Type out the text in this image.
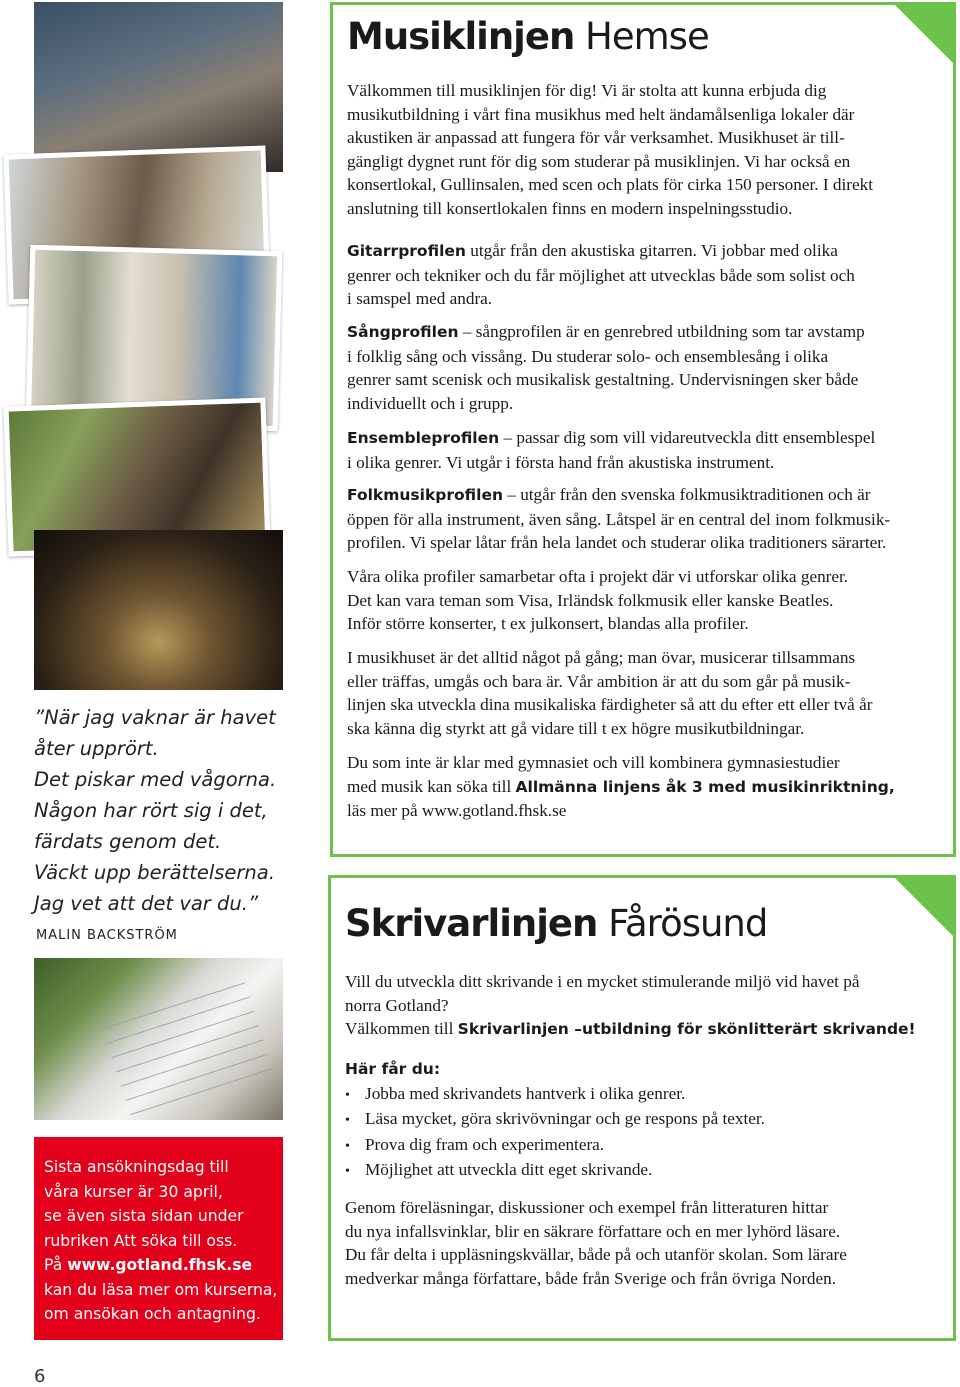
”När jag vaknar är havet
åter upprört.
Det piskar med vågorna.
Någon har rört sig i det,
färdats genom det.
Väckt upp berättelserna.
Jag vet att det var du.”
MALIN BACKSTRÖM
Sista ansökningsdag till
våra kurser är 30 april,
se även sista sidan under
rubriken Att söka till oss.
På www.gotland.fhsk.se
kan du läsa mer om kurserna,
om ansökan och antagning.
6
Musiklinjen Hemse
Välkommen till musiklinjen för dig! Vi är stolta att kunna erbjuda dig
musikutbildning i vårt fina musikhus med helt ändamålsenliga lokaler där
akustiken är anpassad att fungera för vår verksamhet. Musikhuset är till-
gängligt dygnet runt för dig som studerar på musiklinjen. Vi har också en
konsertlokal, Gullinsalen, med scen och plats för cirka 150 personer. I direkt
anslutning till konsertlokalen finns en modern inspelningsstudio.
Gitarrprofilen utgår från den akustiska gitarren. Vi jobbar med olika
genrer och tekniker och du får möjlighet att utvecklas både som solist och
i samspel med andra.
Sångprofilen – sångprofilen är en genrebred utbildning som tar avstamp
i folklig sång och vissång. Du studerar solo- och ensemblesång i olika
genrer samt scenisk och musikalisk gestaltning. Undervisningen sker både
individuellt och i grupp.
Ensembleprofilen – passar dig som vill vidareutveckla ditt ensemblespel
i olika genrer. Vi utgår i första hand från akustiska instrument.
Folkmusikprofilen – utgår från den svenska folkmusiktraditionen och är
öppen för alla instrument, även sång. Låtspel är en central del inom folkmusik-
profilen. Vi spelar låtar från hela landet och studerar olika traditioners särarter.
Våra olika profiler samarbetar ofta i projekt där vi utforskar olika genrer.
Det kan vara teman som Visa, Irländsk folkmusik eller kanske Beatles.
Inför större konserter, t ex julkonsert, blandas alla profiler.
I musikhuset är det alltid något på gång; man övar, musicerar tillsammans
eller träffas, umgås och bara är. Vår ambition är att du som går på musik-
linjen ska utveckla dina musikaliska färdigheter så att du efter ett eller två år
ska känna dig styrkt att gå vidare till t ex högre musikutbildningar.
Du som inte är klar med gymnasiet och vill kombinera gymnasiestudier
med musik kan söka till Allmänna linjens åk 3 med musikinriktning,
läs mer på www.gotland.fhsk.se
Skrivarlinjen Fårösund
Vill du utveckla ditt skrivande i en mycket stimulerande miljö vid havet på
norra Gotland?
Välkommen till Skrivarlinjen –utbildning för skönlitterärt skrivande!
Här får du:
• Jobba med skrivandets hantverk i olika genrer.
• Läsa mycket, göra skrivövningar och ge respons på texter.
• Prova dig fram och experimentera.
• Möjlighet att utveckla ditt eget skrivande.
Genom föreläsningar, diskussioner och exempel från litteraturen hittar
du nya infallsvinklar, blir en säkrare författare och en mer lyhörd läsare.
Du får delta i uppläsningskvällar, både på och utanför skolan. Som lärare
medverkar många författare, både från Sverige och från övriga Norden.
